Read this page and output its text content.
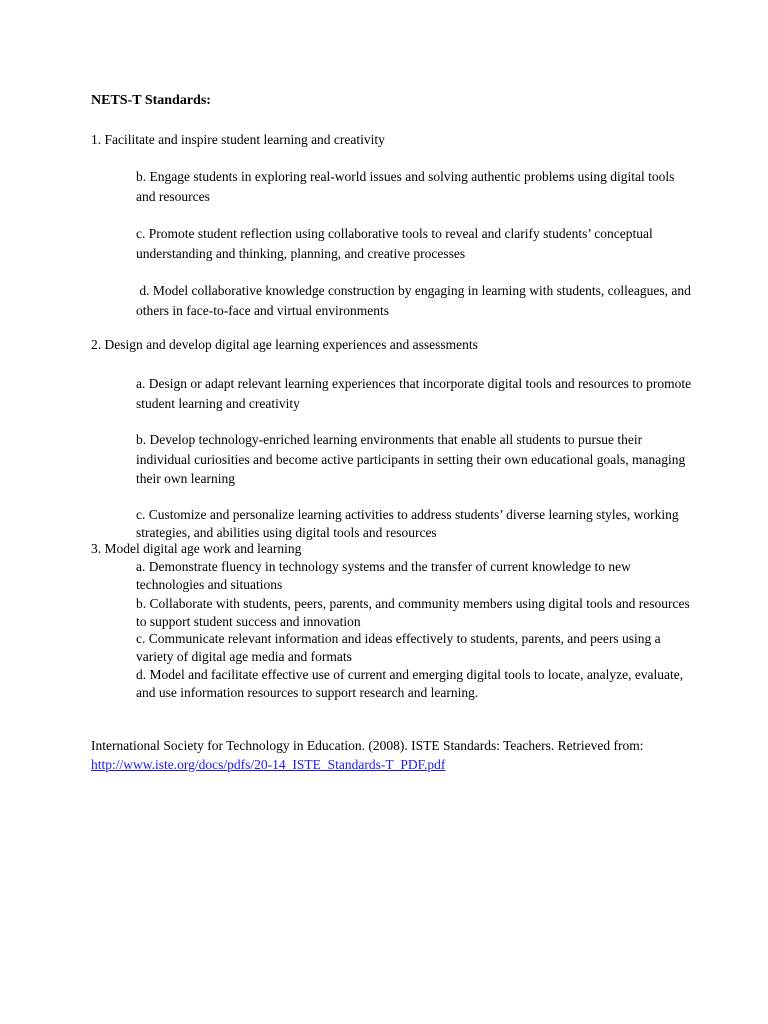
NETS-T Standards:
1. Facilitate and inspire student learning and creativity
b. Engage students in exploring real-world issues and solving authentic problems using digital tools and resources
c. Promote student reflection using collaborative tools to reveal and clarify students’ conceptual understanding and thinking, planning, and creative processes
d. Model collaborative knowledge construction by engaging in learning with students, colleagues, and others in face-to-face and virtual environments
2. Design and develop digital age learning experiences and assessments
a. Design or adapt relevant learning experiences that incorporate digital tools and resources to promote student learning and creativity
b. Develop technology-enriched learning environments that enable all students to pursue their individual curiosities and become active participants in setting their own educational goals, managing their own learning
c. Customize and personalize learning activities to address students’ diverse learning styles, working strategies, and abilities using digital tools and resources
3. Model digital age work and learning
a. Demonstrate fluency in technology systems and the transfer of current knowledge to new technologies and situations
b. Collaborate with students, peers, parents, and community members using digital tools and resources to support student success and innovation
c. Communicate relevant information and ideas effectively to students, parents, and peers using a variety of digital age media and formats
d. Model and facilitate effective use of current and emerging digital tools to locate, analyze, evaluate, and use information resources to support research and learning.
International Society for Technology in Education. (2008). ISTE Standards: Teachers. Retrieved from:  http://www.iste.org/docs/pdfs/20-14_ISTE_Standards-T_PDF.pdf
